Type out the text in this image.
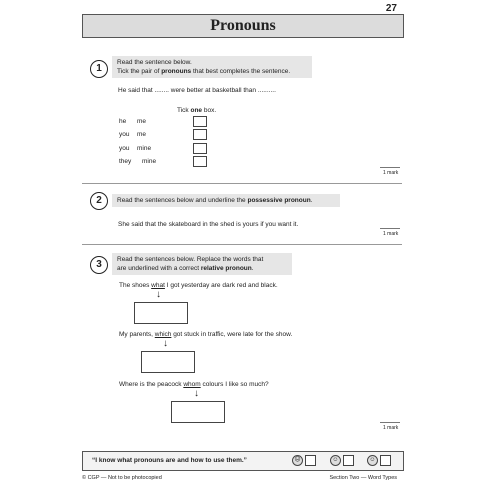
27
Pronouns
1
Read the sentence below.
Tick the pair of pronouns that best completes the sentence.
He said that ........ were better at basketball than ..........
Tick one box.
he me
you me
you mine
they mine
1 mark
2	Read the sentences below and underline the possessive pronoun.
She said that the skateboard in the shed is yours if you want it.
1 mark
3	Read the sentences below. Replace the words that
are underlined with a correct relative pronoun.
The shoes what I got yesterday are dark red and black.
↓
My parents, which got stuck in traffic, were late for the show.
↓
Where is the peacock whom colours I like so much?
↓
1 mark
“I know what pronouns are and how to use them.”	☹	☺	☺
© CGP — Not to be photocopied	Section Two — Word Types
